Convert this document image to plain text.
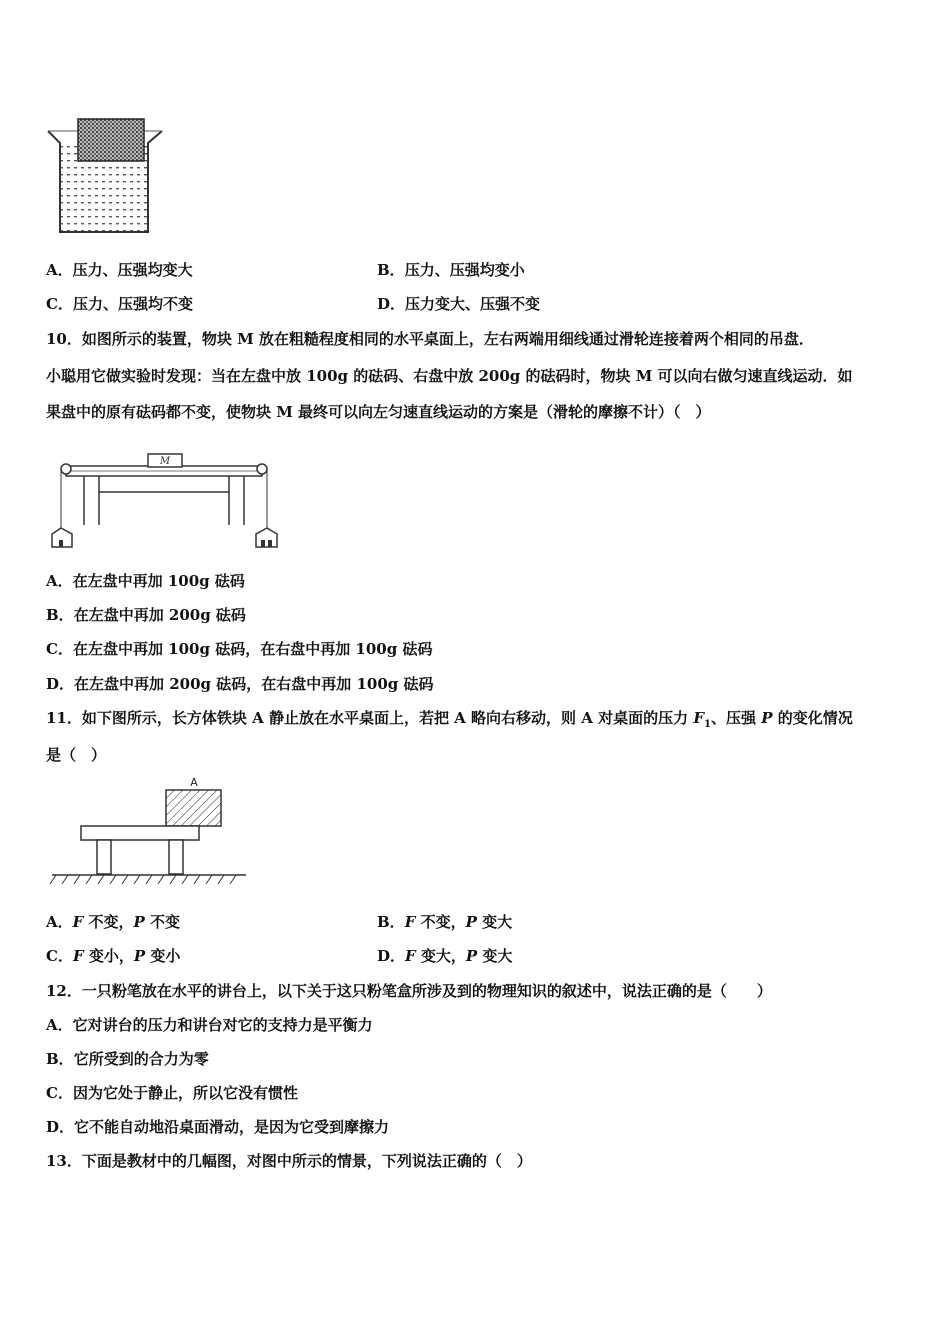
A．压力、压强均变大	B．压力、压强均变小
C．压力、压强均不变	D．压力变大、压强不变
10．如图所示的装置，物块 M 放在粗糙程度相同的水平桌面上，左右两端用细线通过滑轮连接着两个相同的吊盘．
小聪用它做实验时发现：当在左盘中放 100g 的砝码、右盘中放 200g 的砝码时，物块 M 可以向右做匀速直线运动．如
果盘中的原有砝码都不变，使物块 M 最终可以向左匀速直线运动的方案是（滑轮的摩擦不计）（　）
M
A．在左盘中再加 100g 砝码
B．在左盘中再加 200g 砝码
C．在左盘中再加 100g 砝码，在右盘中再加 100g 砝码
D．在左盘中再加 200g 砝码，在右盘中再加 100g 砝码
11．如下图所示，长方体铁块 A 静止放在水平桌面上，若把 A 略向右移动，则 A 对桌面的压力 $F_1$、压强 P 的变化情况
是（　）
A
A．F 不变，P 不变	B．F 不变，P 变大
C．F 变小，P 变小	D．F 变大，P 变大
12．一只粉笔放在水平的讲台上，以下关于这只粉笔盒所涉及到的物理知识的叙述中，说法正确的是（　　）
A．它对讲台的压力和讲台对它的支持力是平衡力
B．它所受到的合力为零
C．因为它处于静止，所以它没有惯性
D．它不能自动地沿桌面滑动，是因为它受到摩擦力
13．下面是教材中的几幅图，对图中所示的情景，下列说法正确的（　）
